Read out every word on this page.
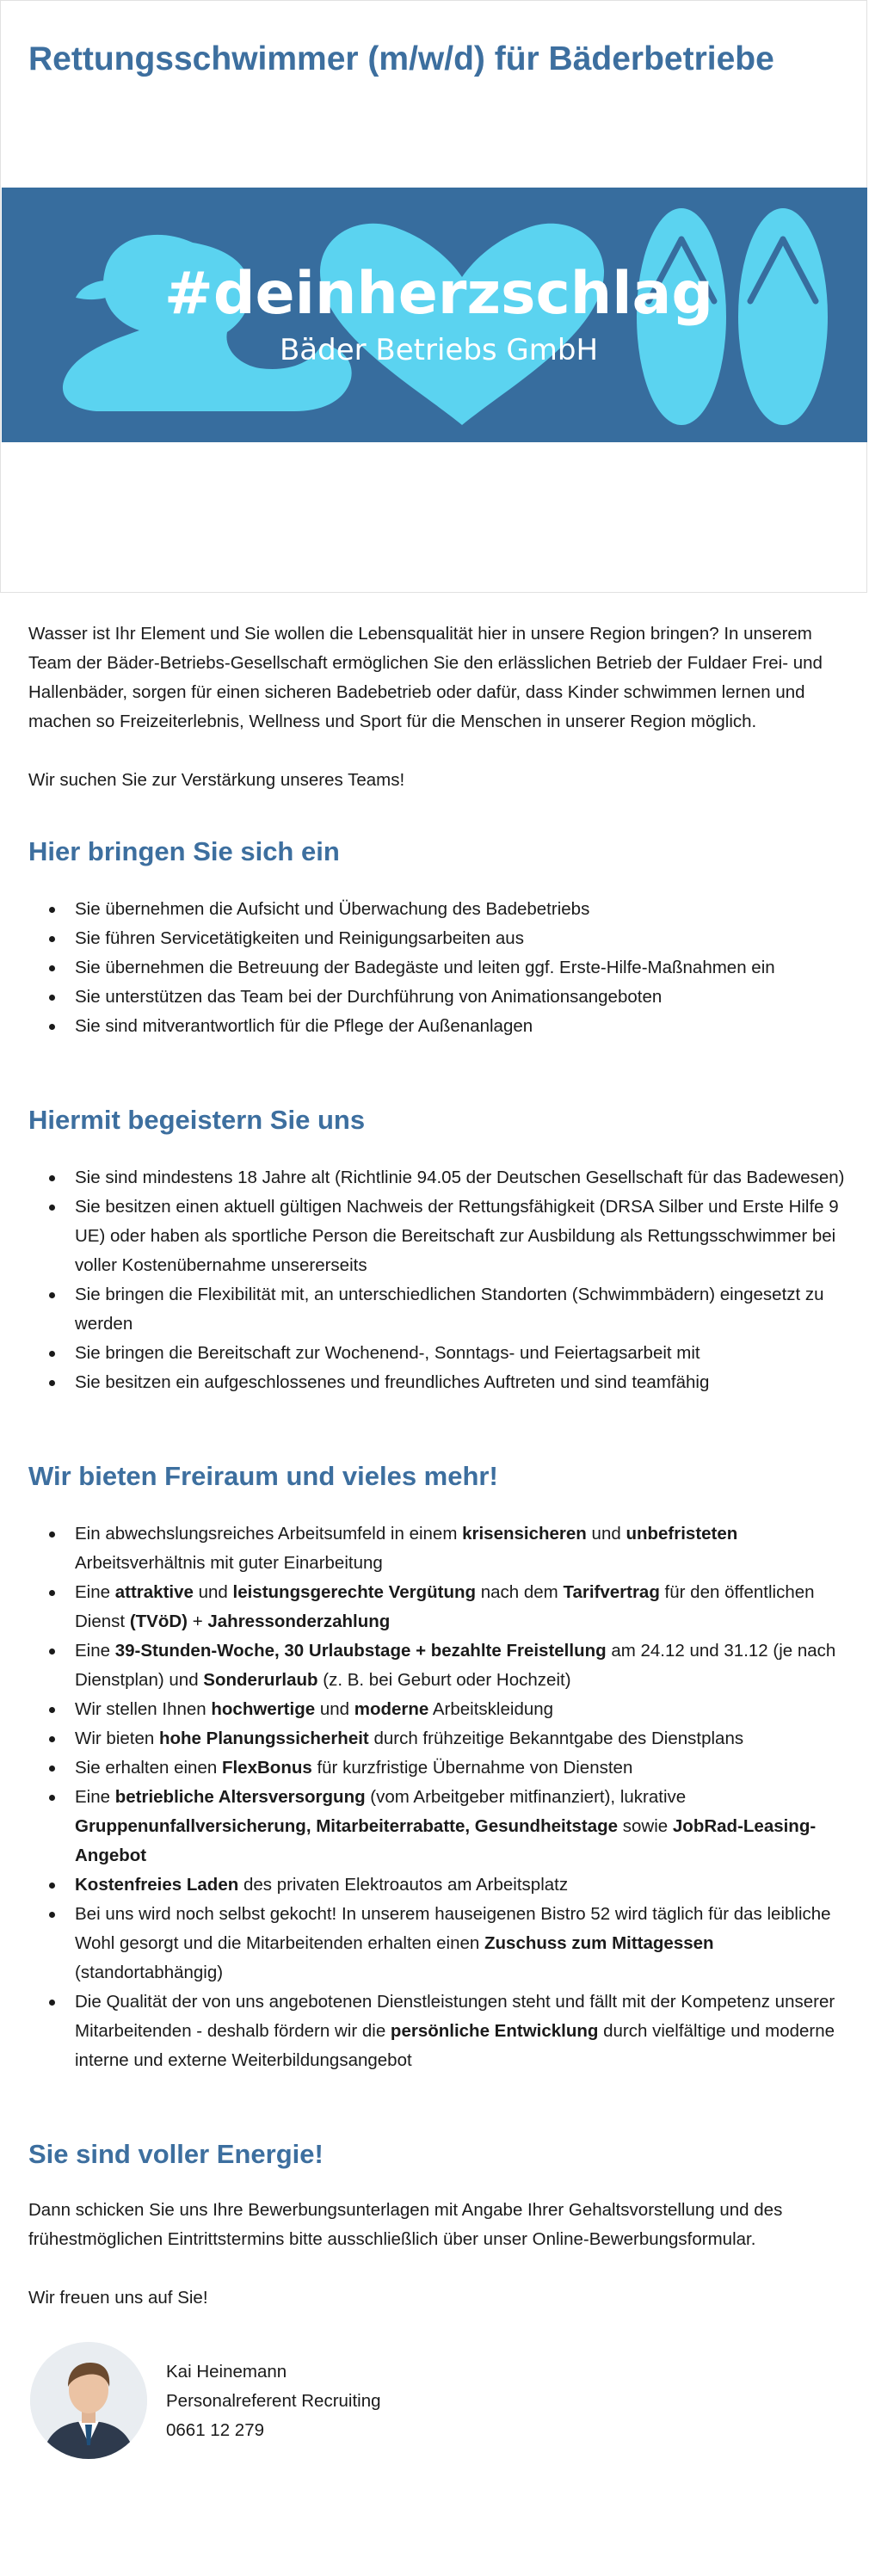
Rettungsschwimmer (m/w/d) für Bäderbetriebe
#deinherzschlag
Bäder Betriebs GmbH

Wasser ist Ihr Element und Sie wollen die Lebensqualität hier in unsere Region bringen? In unserem Team der Bäder-Betriebs-Gesellschaft ermöglichen Sie den erlässlichen Betrieb der Fuldaer Frei- und Hallenbäder, sorgen für einen sicheren Badebetrieb oder dafür, dass Kinder schwimmen lernen und machen so Freizeiterlebnis, Wellness und Sport für die Menschen in unserer Region möglich.

Wir suchen Sie zur Verstärkung unseres Teams!

Hier bringen Sie sich ein
Sie übernehmen die Aufsicht und Überwachung des Badebetriebs
Sie führen Servicetätigkeiten und Reinigungsarbeiten aus
Sie übernehmen die Betreuung der Badegäste und leiten ggf. Erste-Hilfe-Maßnahmen ein
Sie unterstützen das Team bei der Durchführung von Animationsangeboten
Sie sind mitverantwortlich für die Pflege der Außenanlagen
Hiermit begeistern Sie uns
Sie sind mindestens 18 Jahre alt (Richtlinie 94.05 der Deutschen Gesellschaft für das Badewesen)
Sie besitzen einen aktuell gültigen Nachweis der Rettungsfähigkeit (DRSA Silber und Erste Hilfe 9 UE) oder haben als sportliche Person die Bereitschaft zur Ausbildung als Rettungsschwimmer bei voller Kostenübernahme unsererseits
Sie bringen die Flexibilität mit, an unterschiedlichen Standorten (Schwimmbädern) eingesetzt zu werden
Sie bringen die Bereitschaft zur Wochenend-, Sonntags- und Feiertagsarbeit mit
Sie besitzen ein aufgeschlossenes und freundliches Auftreten und sind teamfähig
Wir bieten Freiraum und vieles mehr!
Ein abwechslungsreiches Arbeitsumfeld in einem krisensicheren und unbefristeten Arbeitsverhältnis mit guter Einarbeitung
Eine attraktive und leistungsgerechte Vergütung nach dem Tarifvertrag für den öffentlichen Dienst (TVöD) + Jahressonderzahlung
Eine 39-Stunden-Woche, 30 Urlaubstage + bezahlte Freistellung am 24.12 und 31.12 (je nach Dienstplan) und Sonderurlaub (z. B. bei Geburt oder Hochzeit)
Wir stellen Ihnen hochwertige und moderne Arbeitskleidung
Wir bieten hohe Planungssicherheit durch frühzeitige Bekanntgabe des Dienstplans
Sie erhalten einen FlexBonus für kurzfristige Übernahme von Diensten
Eine betriebliche Altersversorgung (vom Arbeitgeber mitfinanziert), lukrative Gruppenunfallversicherung, Mitarbeiterrabatte, Gesundheitstage sowie JobRad-Leasing-Angebot
Kostenfreies Laden des privaten Elektroautos am Arbeitsplatz
Bei uns wird noch selbst gekocht! In unserem hauseigenen Bistro 52 wird täglich für das leibliche Wohl gesorgt und die Mitarbeitenden erhalten einen Zuschuss zum Mittagessen (standortabhängig)
Die Qualität der von uns angebotenen Dienstleistungen steht und fällt mit der Kompetenz unserer Mitarbeitenden - deshalb fördern wir die persönliche Entwicklung durch vielfältige und moderne interne und externe Weiterbildungsangebot
Sie sind voller Energie!

Dann schicken Sie uns Ihre Bewerbungsunterlagen mit Angabe Ihrer Gehaltsvorstellung und des frühestmöglichen Eintrittstermins bitte ausschließlich über unser Online-Bewerbungsformular.

Wir freuen uns auf Sie!

Kai Heinemann
Personalreferent Recruiting
0661 12 279
